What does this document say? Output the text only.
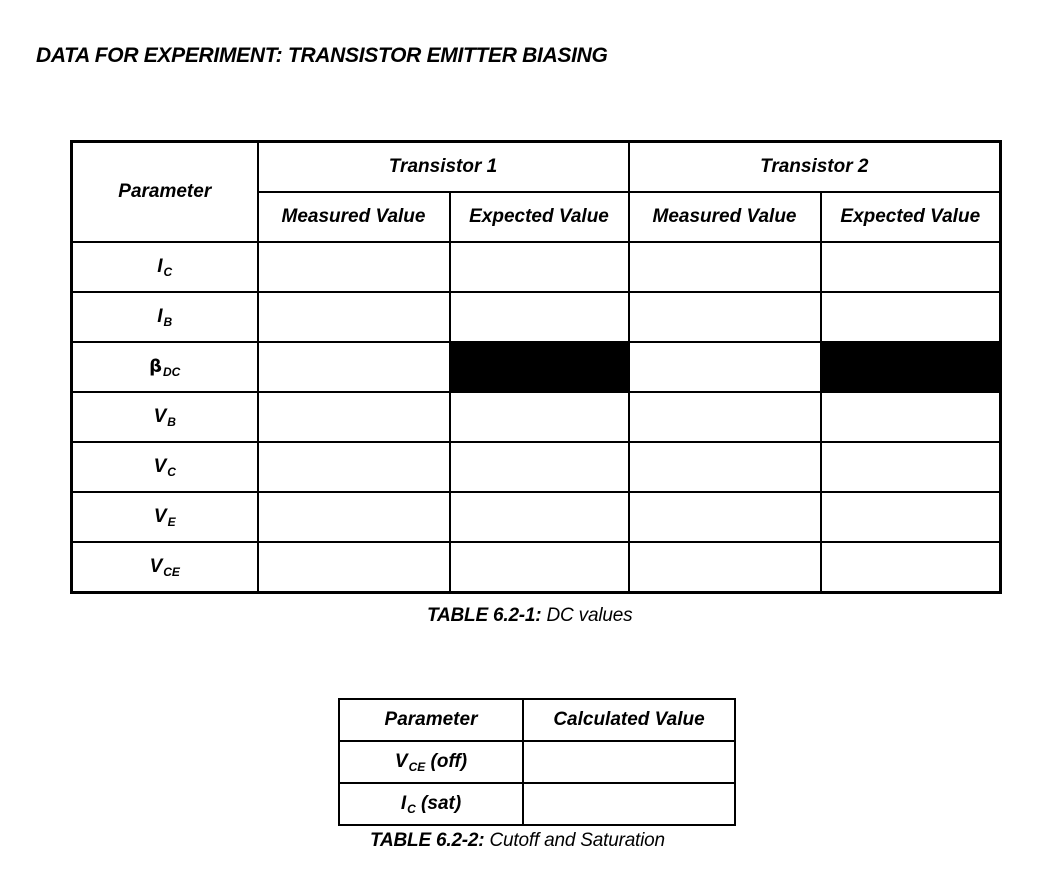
DATA FOR EXPERIMENT: TRANSISTOR EMITTER BIASING
Parameter	Transistor 1		Transistor 2	
	Measured Value	Expected Value	Measured Value	Expected Value
$I_C$				
$I_B$				
$\beta_{DC}$				
$V_B$				
$V_C$				
$V_E$				
$V_{CE}$				
TABLE 6.2-1: DC values
Parameter	Calculated Value
$V_{CE}$ (off)	
$I_C$ (sat)	
TABLE 6.2-2: Cutoff and Saturation
